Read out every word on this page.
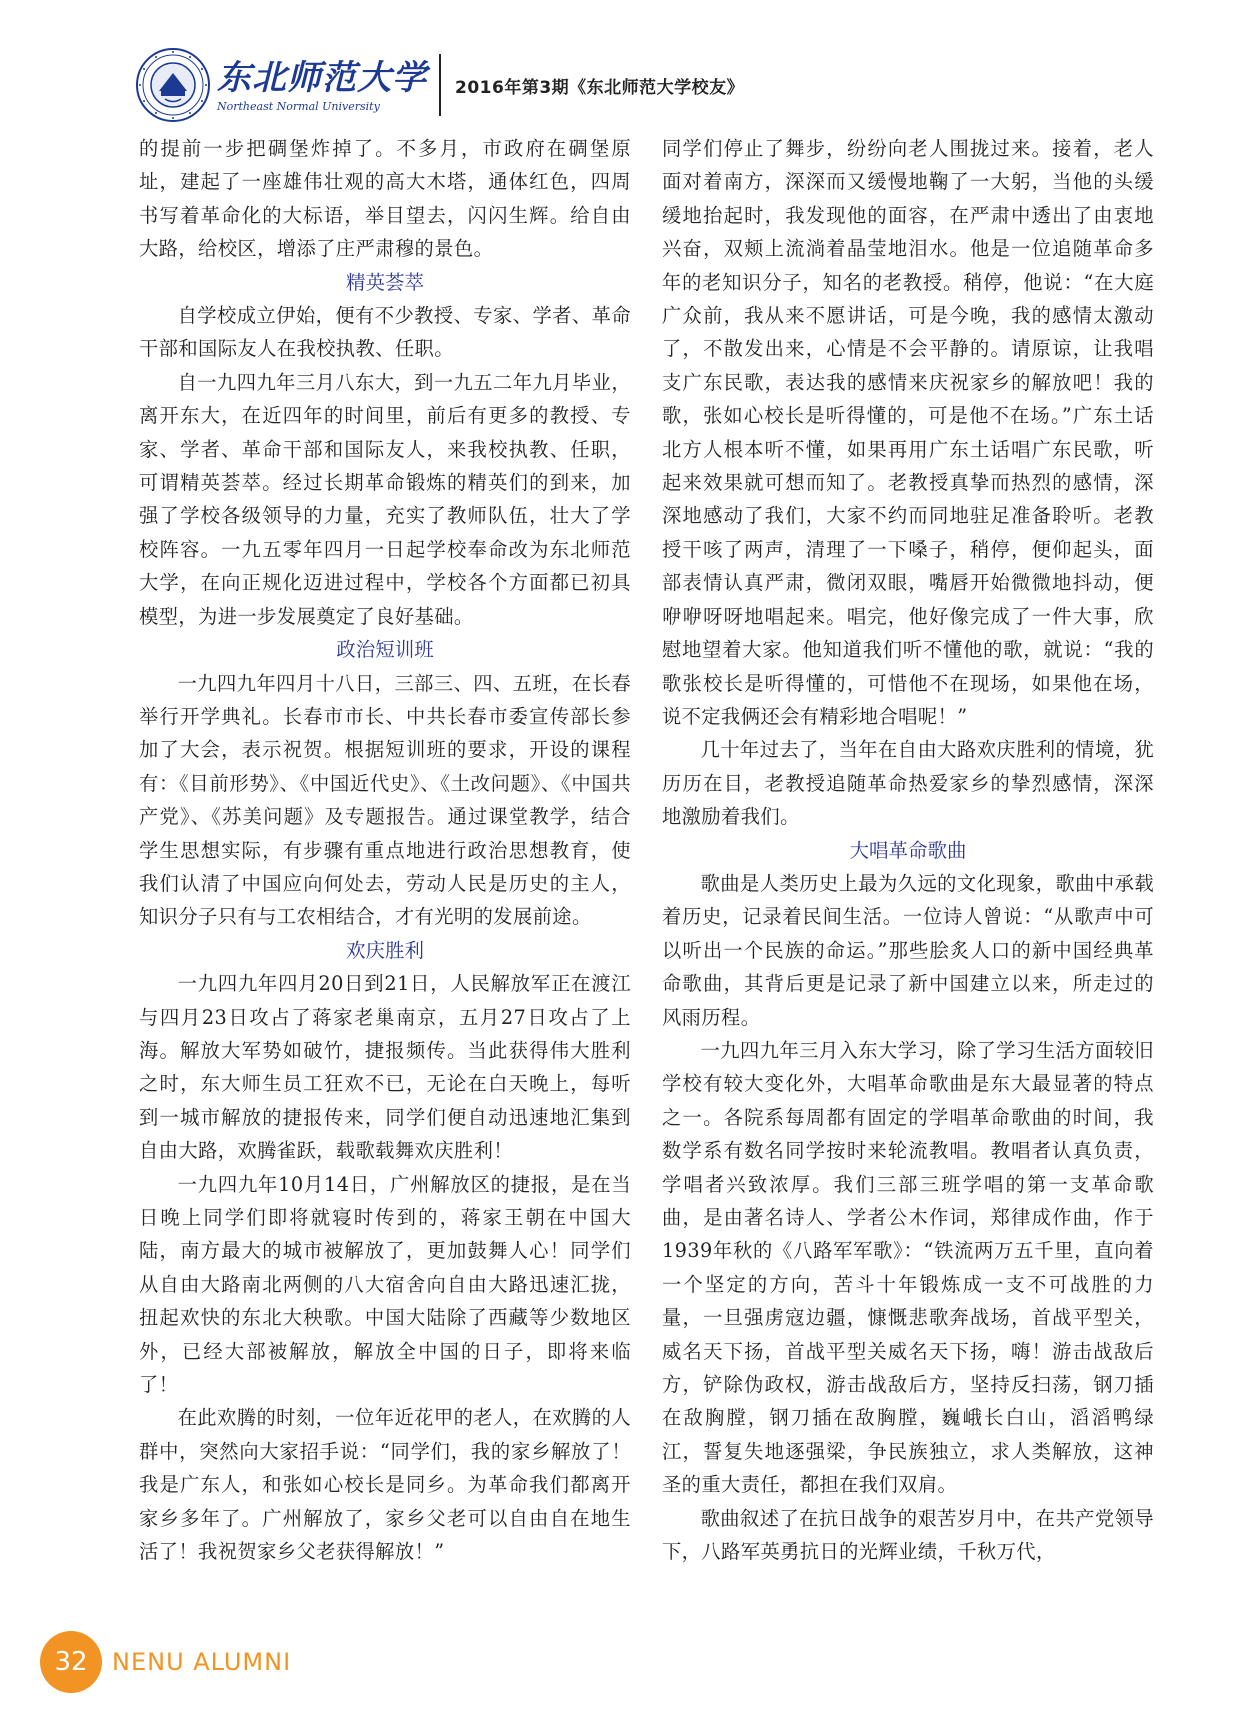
东北师范大学
Northeast Normal University
2016年第3期《东北师范大学校友》

的提前一步把碉堡炸掉了。不多月，市政府在碉堡原址，建起了一座雄伟壮观的高大木塔，通体红色，四周书写着革命化的大标语，举目望去，闪闪生辉。给自由大路，给校区，增添了庄严肃穆的景色。

精英荟萃

自学校成立伊始，便有不少教授、专家、学者、革命干部和国际友人在我校执教、任职。

自一九四九年三月八东大，到一九五二年九月毕业，离开东大，在近四年的时间里，前后有更多的教授、专家、学者、革命干部和国际友人，来我校执教、任职，可谓精英荟萃。经过长期革命锻炼的精英们的到来，加强了学校各级领导的力量，充实了教师队伍，壮大了学校阵容。一九五零年四月一日起学校奉命改为东北师范大学，在向正规化迈进过程中，学校各个方面都已初具模型，为进一步发展奠定了良好基础。

政治短训班

一九四九年四月十八日，三部三、四、五班，在长春举行开学典礼。长春市市长、中共长春市委宣传部长参加了大会，表示祝贺。根据短训班的要求，开设的课程有：《目前形势》、《中国近代史》、《土改问题》、《中国共产党》、《苏美问题》及专题报告。通过课堂教学，结合学生思想实际，有步骤有重点地进行政治思想教育，使我们认清了中国应向何处去，劳动人民是历史的主人，知识分子只有与工农相结合，才有光明的发展前途。

欢庆胜利

一九四九年四月20日到21日，人民解放军正在渡江与四月23日攻占了蒋家老巢南京，五月27日攻占了上海。解放大军势如破竹，捷报频传。当此获得伟大胜利之时，东大师生员工狂欢不已，无论在白天晚上，每听到一城市解放的捷报传来，同学们便自动迅速地汇集到自由大路，欢腾雀跃，载歌载舞欢庆胜利！

一九四九年10月14日，广州解放区的捷报，是在当日晚上同学们即将就寝时传到的，蒋家王朝在中国大陆，南方最大的城市被解放了，更加鼓舞人心！同学们从自由大路南北两侧的八大宿舍向自由大路迅速汇拢，扭起欢快的东北大秧歌。中国大陆除了西藏等少数地区外，已经大部被解放，解放全中国的日子，即将来临了！

在此欢腾的时刻，一位年近花甲的老人，在欢腾的人群中，突然向大家招手说：“同学们，我的家乡解放了！我是广东人，和张如心校长是同乡。为革命我们都离开家乡多年了。广州解放了，家乡父老可以自由自在地生活了！我祝贺家乡父老获得解放！”

同学们停止了舞步，纷纷向老人围拢过来。接着，老人面对着南方，深深而又缓慢地鞠了一大躬，当他的头缓缓地抬起时，我发现他的面容，在严肃中透出了由衷地兴奋，双颊上流淌着晶莹地泪水。他是一位追随革命多年的老知识分子，知名的老教授。稍停，他说：“在大庭广众前，我从来不愿讲话，可是今晚，我的感情太激动了，不散发出来，心情是不会平静的。请原谅，让我唱支广东民歌，表达我的感情来庆祝家乡的解放吧！我的歌，张如心校长是听得懂的，可是他不在场。”广东土话北方人根本听不懂，如果再用广东土话唱广东民歌，听起来效果就可想而知了。老教授真挚而热烈的感情，深深地感动了我们，大家不约而同地驻足准备聆听。老教授干咳了两声，清理了一下嗓子，稍停，便仰起头，面部表情认真严肃，微闭双眼，嘴唇开始微微地抖动，便咿咿呀呀地唱起来。唱完，他好像完成了一件大事，欣慰地望着大家。他知道我们听不懂他的歌，就说：“我的歌张校长是听得懂的，可惜他不在现场，如果他在场，说不定我俩还会有精彩地合唱呢！”

几十年过去了，当年在自由大路欢庆胜利的情境，犹历历在目，老教授追随革命热爱家乡的挚烈感情，深深地激励着我们。

大唱革命歌曲

歌曲是人类历史上最为久远的文化现象，歌曲中承载着历史，记录着民间生活。一位诗人曾说：“从歌声中可以听出一个民族的命运。”那些脍炙人口的新中国经典革命歌曲，其背后更是记录了新中国建立以来，所走过的风雨历程。

一九四九年三月入东大学习，除了学习生活方面较旧学校有较大变化外，大唱革命歌曲是东大最显著的特点之一。各院系每周都有固定的学唱革命歌曲的时间，我数学系有数名同学按时来轮流教唱。教唱者认真负责，学唱者兴致浓厚。我们三部三班学唱的第一支革命歌曲，是由著名诗人、学者公木作词，郑律成作曲，作于1939年秋的《八路军军歌》：“铁流两万五千里，直向着一个坚定的方向，苦斗十年锻炼成一支不可战胜的力量，一旦强虏寇边疆，慷慨悲歌奔战场，首战平型关，威名天下扬，首战平型关威名天下扬，嗨！游击战敌后方，铲除伪政权，游击战敌后方，坚持反扫荡，钢刀插在敌胸膛，钢刀插在敌胸膛，巍峨长白山，滔滔鸭绿江，誓复失地逐强梁，争民族独立，求人类解放，这神圣的重大责任，都担在我们双肩。

歌曲叙述了在抗日战争的艰苦岁月中，在共产党领导下，八路军英勇抗日的光辉业绩，千秋万代，

32	NENU ALUMNI
